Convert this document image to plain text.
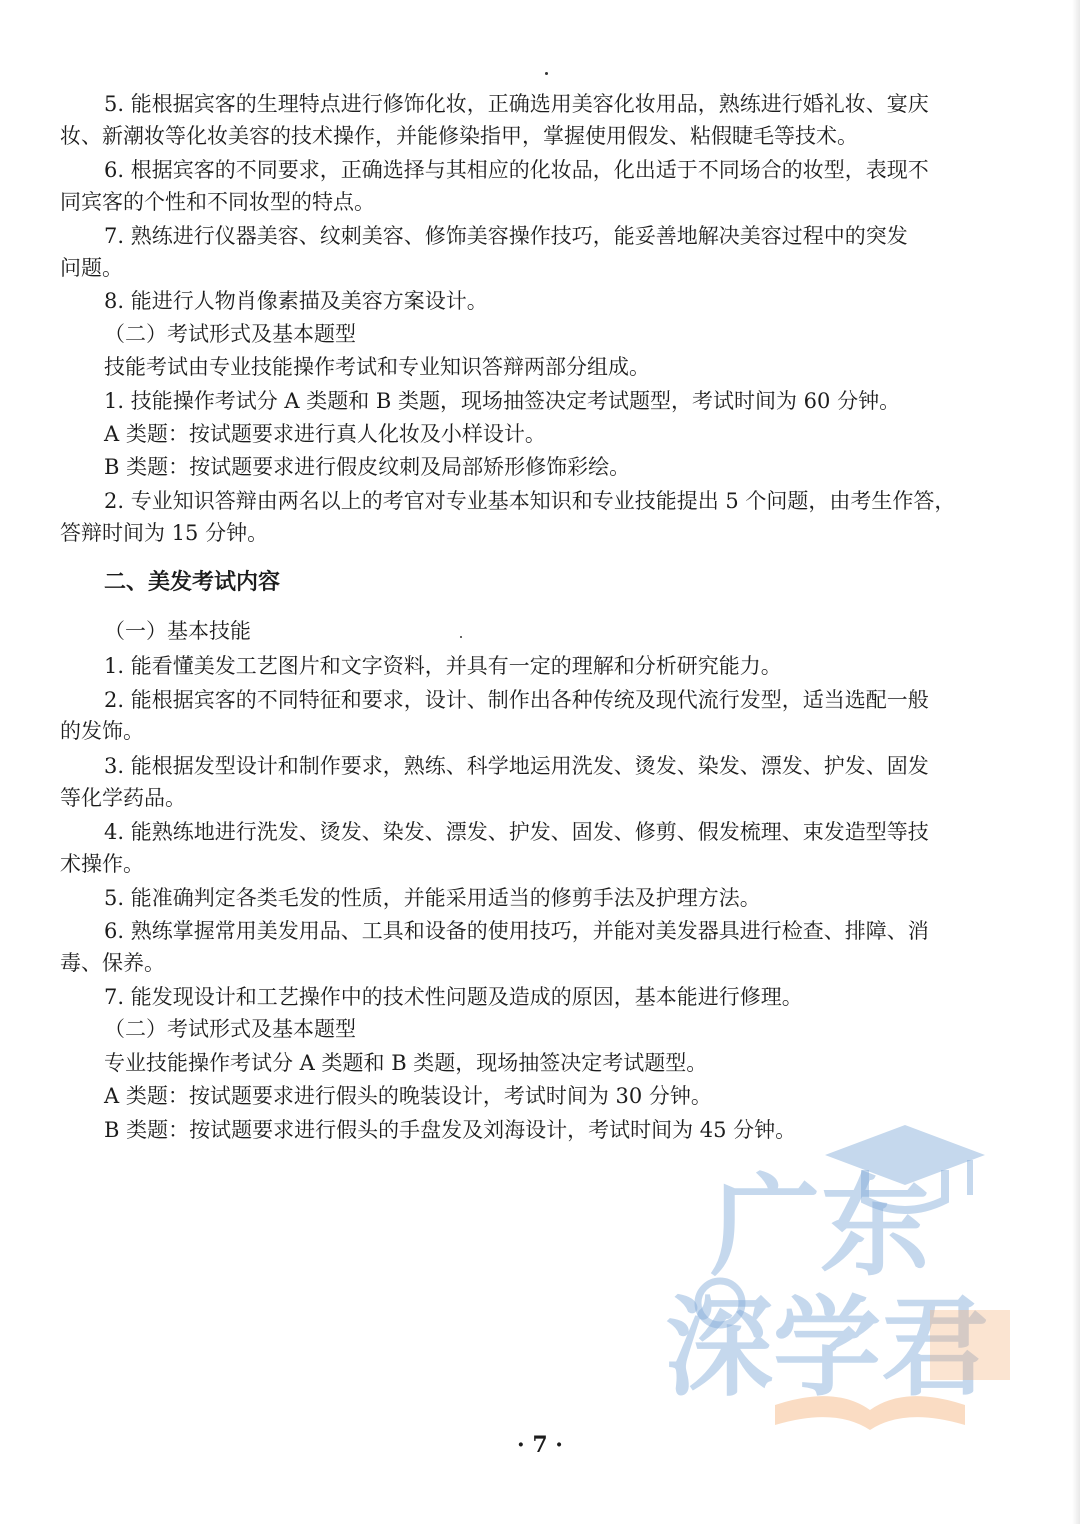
5. 能根据宾客的生理特点进行修饰化妆，正确选用美容化妆用品，熟练进行婚礼妆、宴庆
妆、新潮妆等化妆美容的技术操作，并能修染指甲，掌握使用假发、粘假睫毛等技术。
6. 根据宾客的不同要求，正确选择与其相应的化妆品，化出适于不同场合的妆型，表现不
同宾客的个性和不同妆型的特点。
7. 熟练进行仪器美容、纹刺美容、修饰美容操作技巧，能妥善地解决美容过程中的突发
问题。
8. 能进行人物肖像素描及美容方案设计。
（二）考试形式及基本题型
技能考试由专业技能操作考试和专业知识答辩两部分组成。
1. 技能操作考试分 A 类题和 B 类题，现场抽签决定考试题型，考试时间为 60 分钟。
A 类题：按试题要求进行真人化妆及小样设计。
B 类题：按试题要求进行假皮纹刺及局部矫形修饰彩绘。
2. 专业知识答辩由两名以上的考官对专业基本知识和专业技能提出 5 个问题，由考生作答，
答辩时间为 15 分钟。
二、美发考试内容
（一）基本技能
1. 能看懂美发工艺图片和文字资料，并具有一定的理解和分析研究能力。
2. 能根据宾客的不同特征和要求，设计、制作出各种传统及现代流行发型，适当选配一般
的发饰。
3. 能根据发型设计和制作要求，熟练、科学地运用洗发、烫发、染发、漂发、护发、固发
等化学药品。
4. 能熟练地进行洗发、烫发、染发、漂发、护发、固发、修剪、假发梳理、束发造型等技
术操作。
5. 能准确判定各类毛发的性质，并能采用适当的修剪手法及护理方法。
6. 熟练掌握常用美发用品、工具和设备的使用技巧，并能对美发器具进行检查、排障、消
毒、保养。
7. 能发现设计和工艺操作中的技术性问题及造成的原因，基本能进行修理。
（二）考试形式及基本题型
专业技能操作考试分 A 类题和 B 类题，现场抽签决定考试题型。
A 类题：按试题要求进行假头的晚装设计，考试时间为 30 分钟。
B 类题：按试题要求进行假头的手盘发及刘海设计，考试时间为 45 分钟。
广东
深学君
· 7 ·
